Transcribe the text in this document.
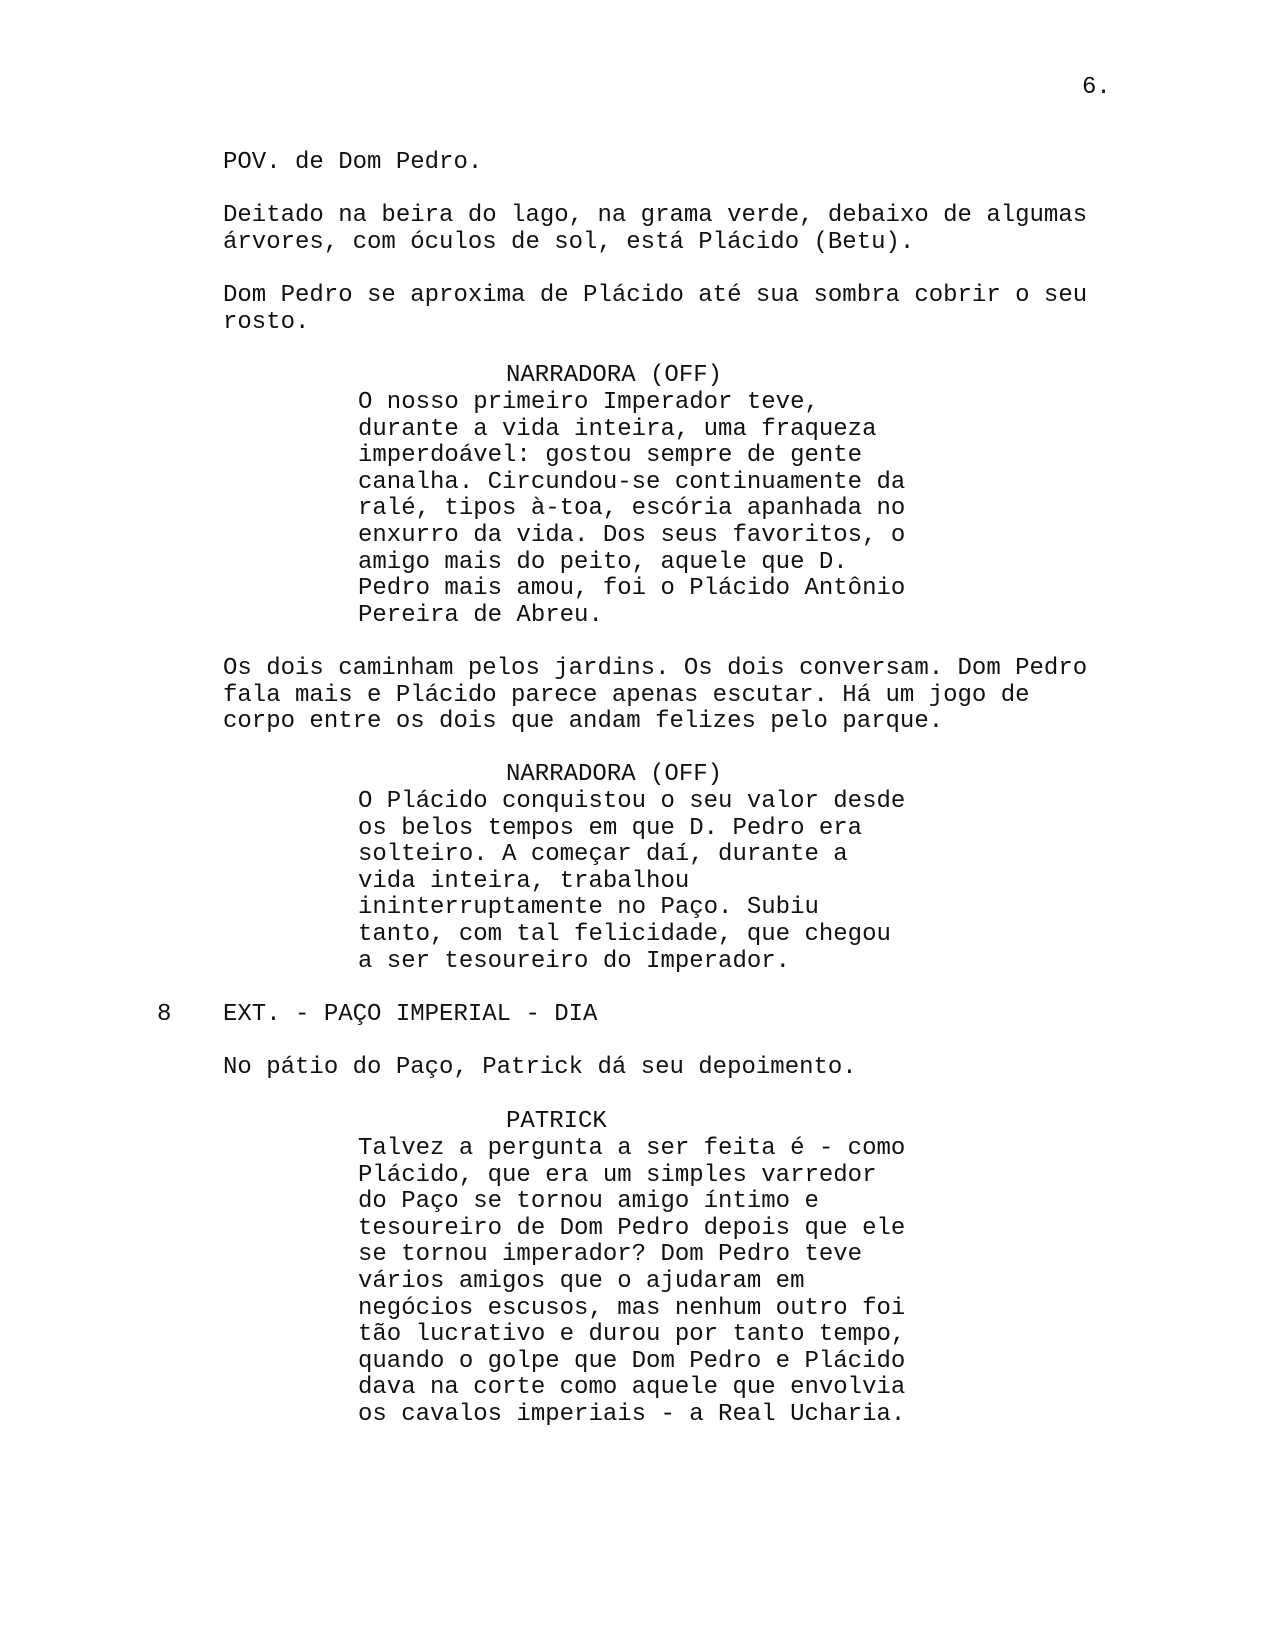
6.

POV. de Dom Pedro.

Deitado na beira do lago, na grama verde, debaixo de algumas
árvores, com óculos de sol, está Plácido (Betu).

Dom Pedro se aproxima de Plácido até sua sombra cobrir o seu
rosto.

NARRADORA (OFF)

O nosso primeiro Imperador teve,
durante a vida inteira, uma fraqueza
imperdoável: gostou sempre de gente
canalha. Circundou-se continuamente da
ralé, tipos à-toa, escória apanhada no
enxurro da vida. Dos seus favoritos, o
amigo mais do peito, aquele que D.
Pedro mais amou, foi o Plácido Antônio
Pereira de Abreu.

Os dois caminham pelos jardins. Os dois conversam. Dom Pedro
fala mais e Plácido parece apenas escutar. Há um jogo de
corpo entre os dois que andam felizes pelo parque.

NARRADORA (OFF)

O Plácido conquistou o seu valor desde
os belos tempos em que D. Pedro era
solteiro. A começar daí, durante a
vida inteira, trabalhou
ininterruptamente no Paço. Subiu
tanto, com tal felicidade, que chegou
a ser tesoureiro do Imperador.

8 EXT. - PAÇO IMPERIAL - DIA

No pátio do Paço, Patrick dá seu depoimento.

PATRICK

Talvez a pergunta a ser feita é - como
Plácido, que era um simples varredor
do Paço se tornou amigo íntimo e
tesoureiro de Dom Pedro depois que ele
se tornou imperador? Dom Pedro teve
vários amigos que o ajudaram em
negócios escusos, mas nenhum outro foi
tão lucrativo e durou por tanto tempo,
quando o golpe que Dom Pedro e Plácido
dava na corte como aquele que envolvia
os cavalos imperiais - a Real Ucharia.
